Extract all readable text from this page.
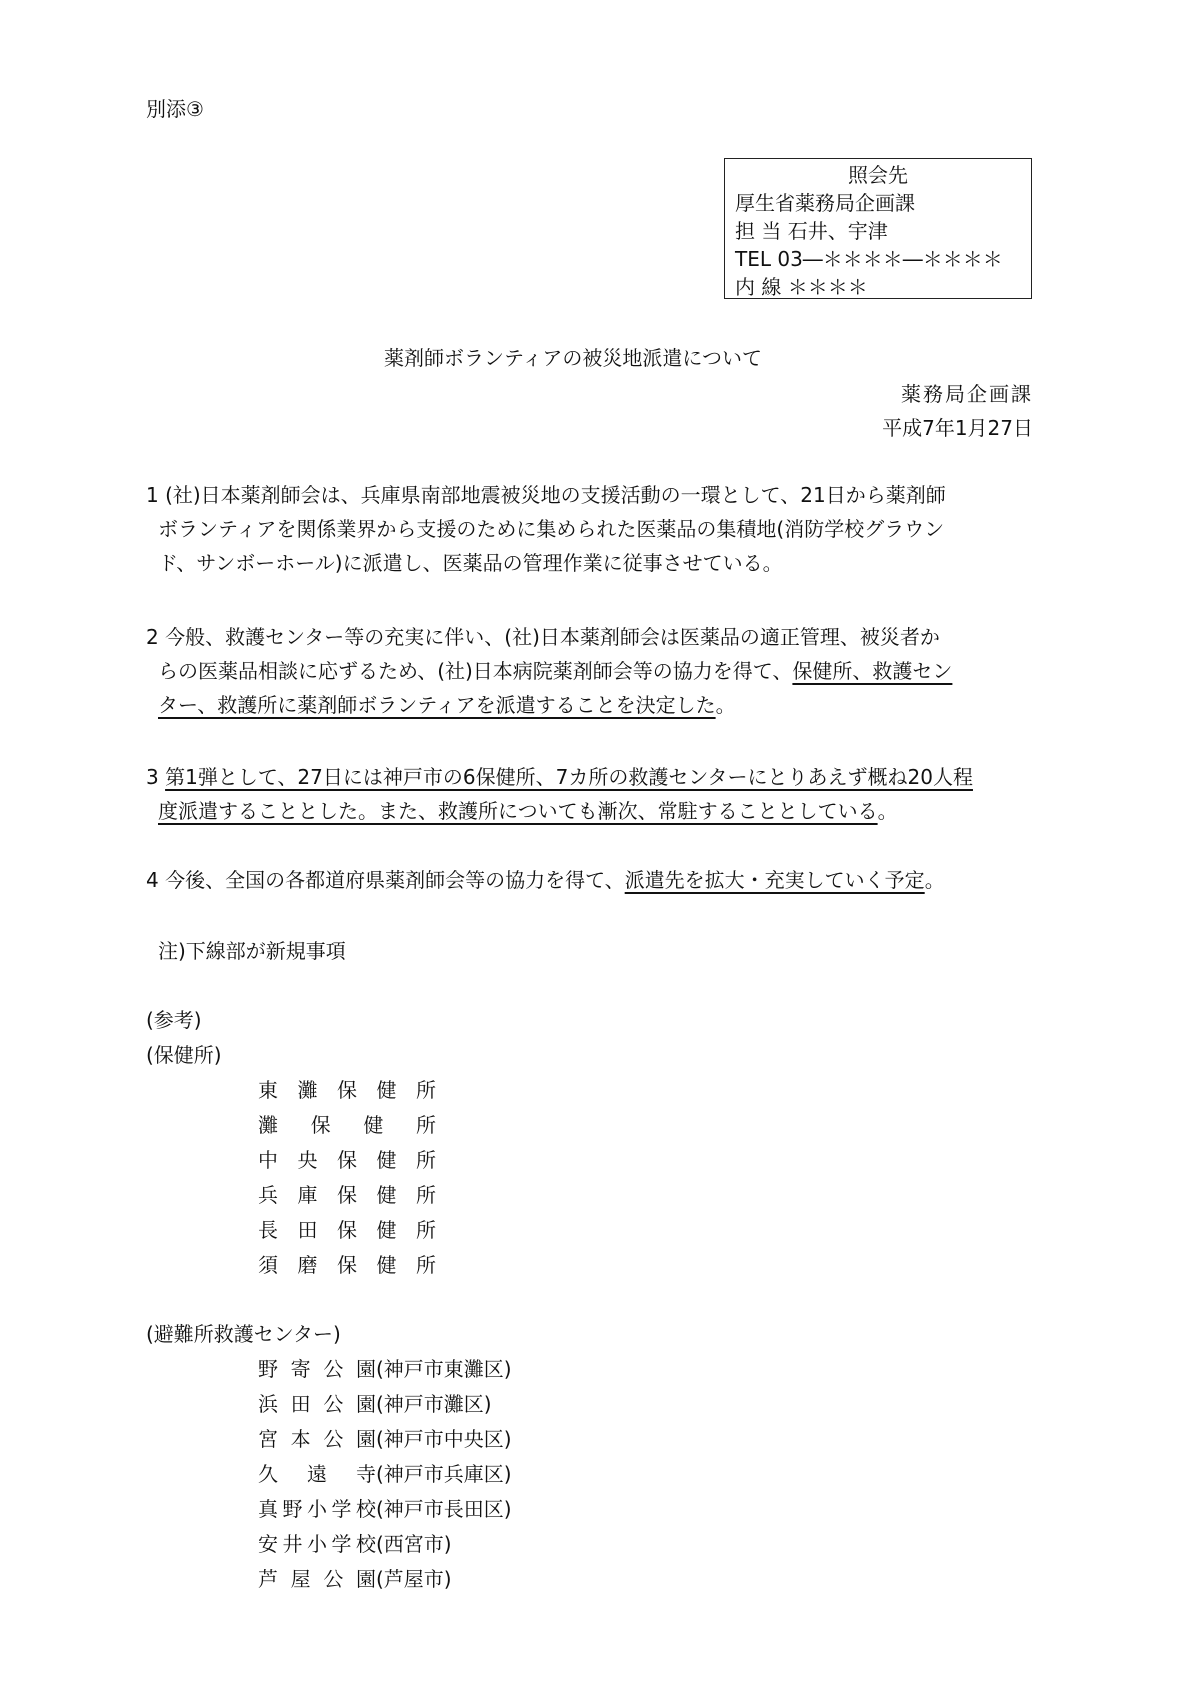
別添③
照会先
厚生省薬務局企画課
担 当 石井、宇津
TEL 03―＊＊＊＊―＊＊＊＊
内 線 ＊＊＊＊
薬剤師ボランティアの被災地派遣について
薬務局企画課
平成7年1月27日
1 (社)日本薬剤師会は、兵庫県南部地震被災地の支援活動の一環として、21日から薬剤師
ボランティアを関係業界から支援のために集められた医薬品の集積地(消防学校グラウン
ド、サンボーホール)に派遣し、医薬品の管理作業に従事させている。
2 今般、救護センター等の充実に伴い、(社)日本薬剤師会は医薬品の適正管理、被災者か
らの医薬品相談に応ずるため、(社)日本病院薬剤師会等の協力を得て、保健所、救護セン
ター、救護所に薬剤師ボランティアを派遣することを決定した。
3 第1弾として、27日には神戸市の6保健所、7カ所の救護センターにとりあえず概ね20人程
度派遣することとした。また、救護所についても漸次、常駐することとしている。
4 今後、全国の各都道府県薬剤師会等の協力を得て、派遣先を拡大・充実していく予定。
注)下線部が新規事項
(参考)
(保健所)
東 灘 保 健 所
灘 保 健 所
中 央 保 健 所
兵 庫 保 健 所
長 田 保 健 所
須 磨 保 健 所
(避難所救護センター)
野 寄 公 園 (神戸市東灘区)
浜 田 公 園 (神戸市灘区)
宮 本 公 園 (神戸市中央区)
久 遠 寺 (神戸市兵庫区)
真 野 小 学 校 (神戸市長田区)
安 井 小 学 校 (西宮市)
芦 屋 公 園 (芦屋市)
